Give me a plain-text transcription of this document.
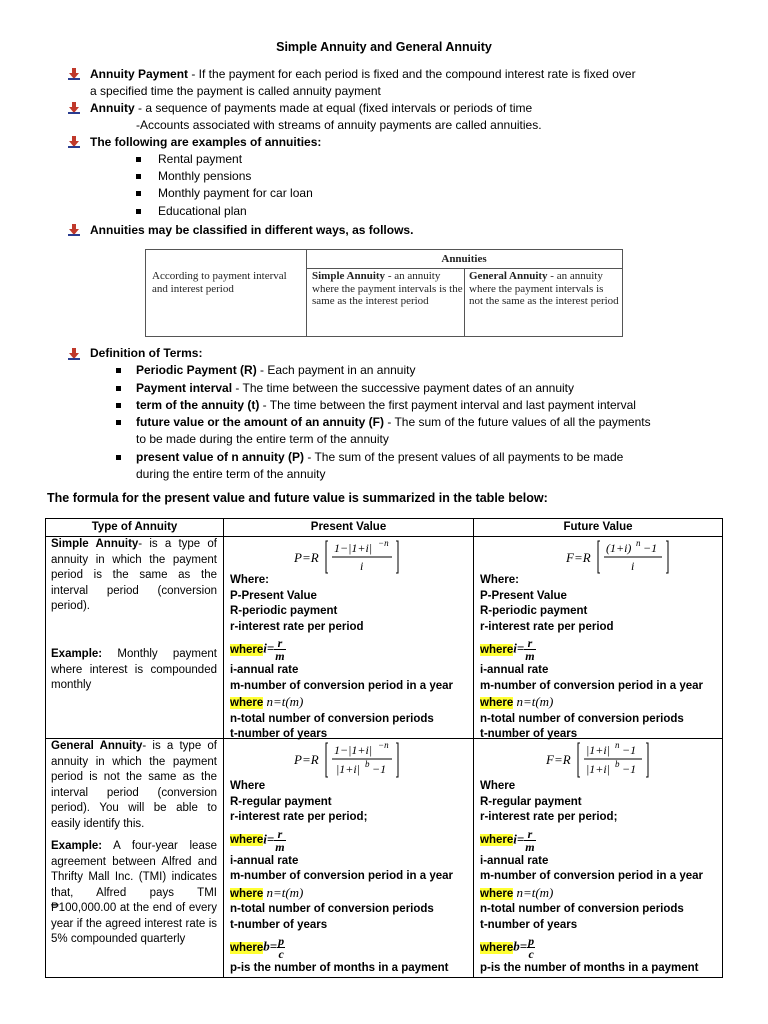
Simple Annuity and General Annuity
Annuity Payment - If the payment for each period is fixed and the compound interest rate is fixed over
a specified time the payment is called annuity payment
Annuity - a sequence of payments made at equal (fixed intervals or periods of time
-Accounts associated with streams of annuity payments are called annuities.
The following are examples of annuities:
Rental payment
Monthly pensions
Monthly payment for car loan
Educational plan
Annuities may be classified in different ways, as follows.
Annuities
According to payment interval and interest period
Simple Annuity - an annuity where the payment intervals is the same as the interest period
General Annuity - an annuity where the payment intervals is not the same as the interest period
Definition of Terms:
Periodic Payment (R) - Each payment in an annuity
Payment interval - The time between the successive payment dates of an annuity
term of the annuity (t) - The time between the first payment interval and last payment interval
future value or the amount of an annuity (F) - The sum of the future values of all the payments
to be made during the entire term of the annuity
present value of n annuity (P) - The sum of the present values of all payments to be made
during the entire term of the annuity
The formula for the present value and future value is summarized in the table below:
Type of Annuity	Present Value	Future Value
Simple Annuity- is a type of annuity in which the payment period is the same as the interval period (conversion period).
Example: Monthly payment where interest is compounded monthly
P=R
1−|1+i| −n
i
F=R
(1+i) n −1
i
Where:
P-Present Value
R-periodic payment
r-interest rate per period
wherei= $\frac{r}{m}$
i-annual rate
m-number of conversion period in a year
where n=t(m)
n-total number of conversion periods
t-number of years
Where:
P-Present Value
R-periodic payment
r-interest rate per period
wherei= $\frac{r}{m}$
i-annual rate
m-number of conversion period in a year
where n=t(m)
n-total number of conversion periods
t-number of years
General Annuity- is a type of annuity in which the payment period is not the same as the interval period (conversion period). You will be able to easily identify this.
Example: A four-year lease agreement between Alfred and Thrifty Mall Inc. (TMI) indicates that, Alfred pays TMI ₱100,000.00 at the end of every year if the agreed interest rate is 5% compounded quarterly
P=R
1−|1+i| −n
|1+i| b −1
F=R
|1+i| n −1
|1+i| b −1
Where
R-regular payment
r-interest rate per period;
wherei= $\frac{r}{m}$
i-annual rate
m-number of conversion period in a year
where n=t(m)
n-total number of conversion periods
t-number of years
whereb= $\frac{p}{c}$
p-is the number of months in a payment
Where
R-regular payment
r-interest rate per period;
wherei= $\frac{r}{m}$
i-annual rate
m-number of conversion period in a year
where n=t(m)
n-total number of conversion periods
t-number of years
whereb= $\frac{p}{c}$
p-is the number of months in a payment
